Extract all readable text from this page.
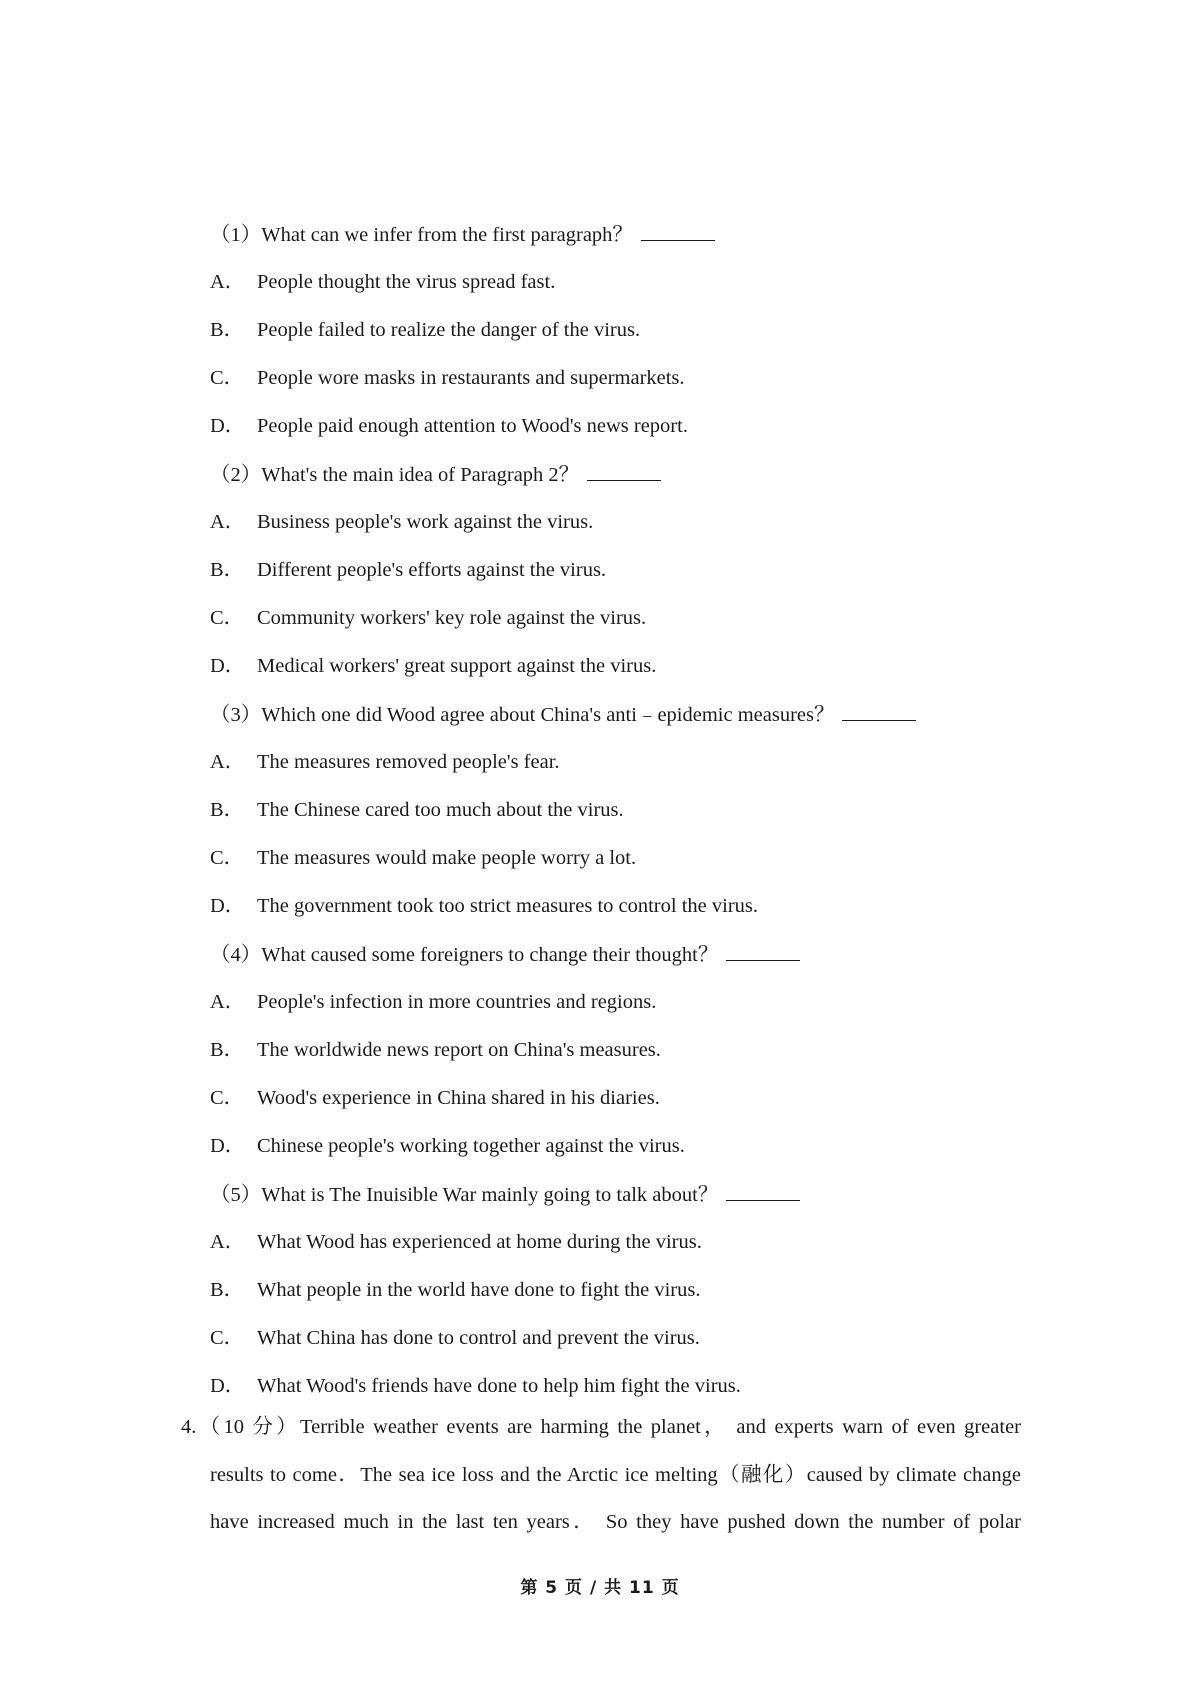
（1）What can we infer from the first paragraph？
A． People thought the virus spread fast.
B． People failed to realize the danger of the virus.
C． People wore masks in restaurants and supermarkets.
D． People paid enough attention to Wood's news report.
（2）What's the main idea of Paragraph 2？
A． Business people's work against the virus.
B． Different people's efforts against the virus.
C． Community workers' key role against the virus.
D． Medical workers' great support against the virus.
（3）Which one did Wood agree about China's anti﹣epidemic measures？
A． The measures removed people's fear.
B． The Chinese cared too much about the virus.
C． The measures would make people worry a lot.
D． The government took too strict measures to control the virus.
（4）What caused some foreigners to change their thought？
A． People's infection in more countries and regions.
B． The worldwide news report on China's measures.
C． Wood's experience in China shared in his diaries.
D． Chinese people's working together against the virus.
（5）What is The Inuisible War mainly going to talk about？
A． What Wood has experienced at home during the virus.
B． What people in the world have done to fight the virus.
C． What China has done to control and prevent the virus.
D． What Wood's friends have done to help him fight the virus.
4.（10 分）Terrible weather events are harming the planet， and experts warn of even greater
results to come．The sea ice loss and the Arctic ice melting（融化）caused by climate change
have increased much in the last ten years． So they have pushed down the number of polar
第 5 页 / 共 11 页
